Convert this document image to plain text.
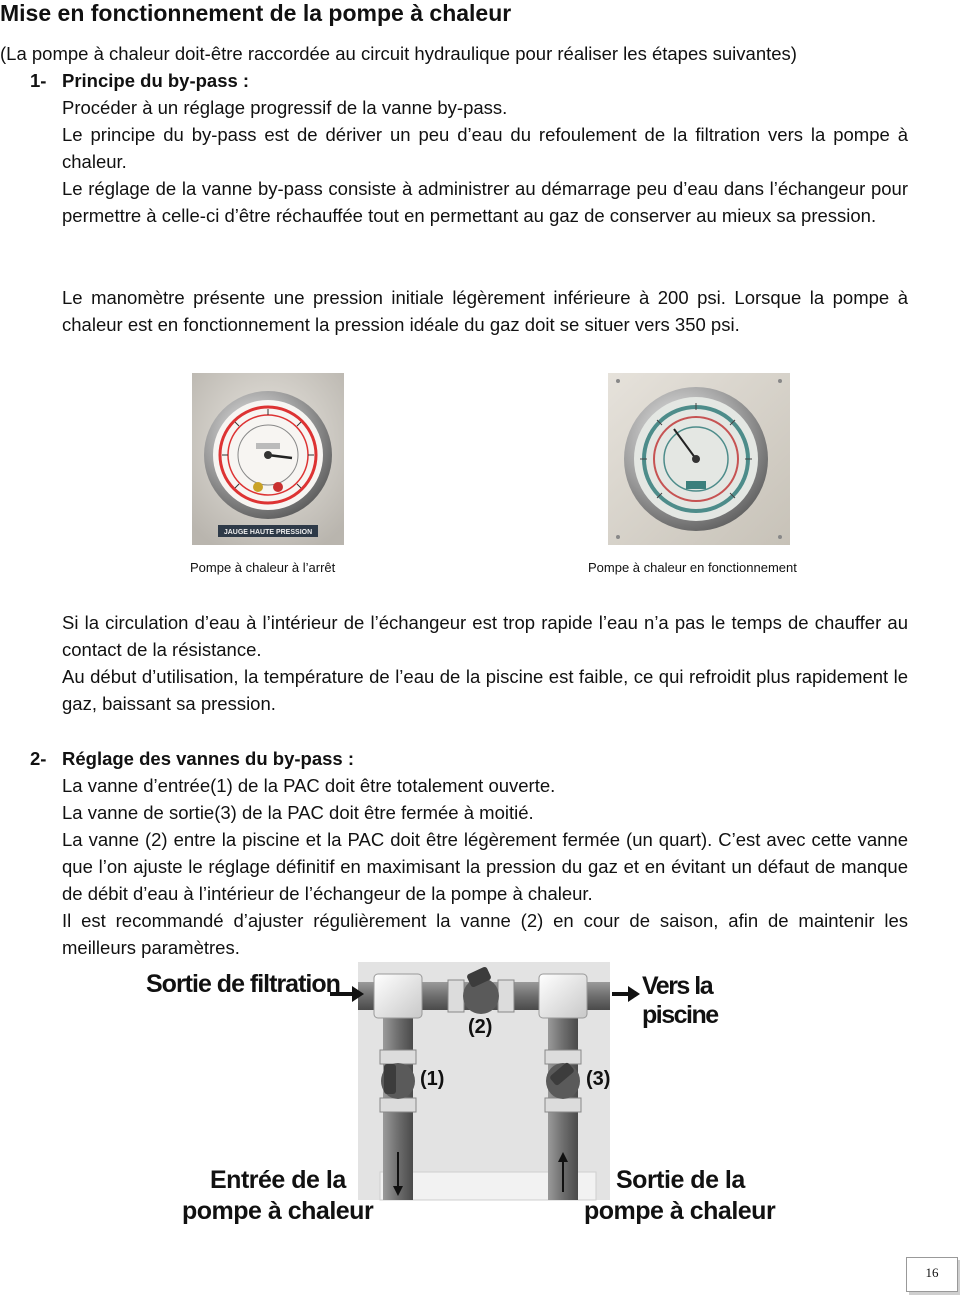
Mise en fonctionnement de la pompe à chaleur
(La pompe à chaleur doit-être raccordée au circuit hydraulique pour réaliser les étapes suivantes)
1- Principe du by-pass :
Procéder à un réglage progressif de la vanne by-pass.
Le principe du by-pass est de dériver un peu d’eau du refoulement de la filtration vers la pompe à chaleur.
Le réglage de la vanne by-pass consiste à administrer au démarrage peu d’eau dans l’échangeur pour permettre à celle-ci d’être réchauffée tout en permettant au gaz de conserver au mieux sa pression.
Le manomètre présente une pression initiale légèrement inférieure à 200 psi. Lorsque la pompe à chaleur est en fonctionnement la pression idéale du gaz doit se situer vers 350 psi.
JAUGE HAUTE PRESSION
Pompe à chaleur à l’arrêt	Pompe à chaleur en fonctionnement
Si la circulation d’eau à l’intérieur de l’échangeur est trop rapide l’eau n’a pas le temps de chauffer au contact de la résistance.
Au début d’utilisation, la température de l’eau de la piscine est faible, ce qui refroidit plus rapidement le gaz, baissant sa pression.
2- Réglage des vannes du by-pass :
La vanne d’entrée(1) de la PAC doit être totalement ouverte.
La vanne de sortie(3) de la PAC doit être fermée à moitié.
La vanne (2) entre la piscine et la PAC doit être légèrement fermée (un quart). C’est avec cette vanne que l’on ajuste le réglage définitif en maximisant la pression du gaz et en évitant un défaut de manque de débit d’eau à l’intérieur de l’échangeur de la pompe à chaleur.
Il est recommandé d’ajuster régulièrement la vanne (2) en cour de saison, afin de maintenir les meilleurs paramètres.
Sortie de filtration	Vers la piscine
(2)
(1)	(3)
Entrée de la
pompe à chaleur
Sortie de la
pompe à chaleur
16
